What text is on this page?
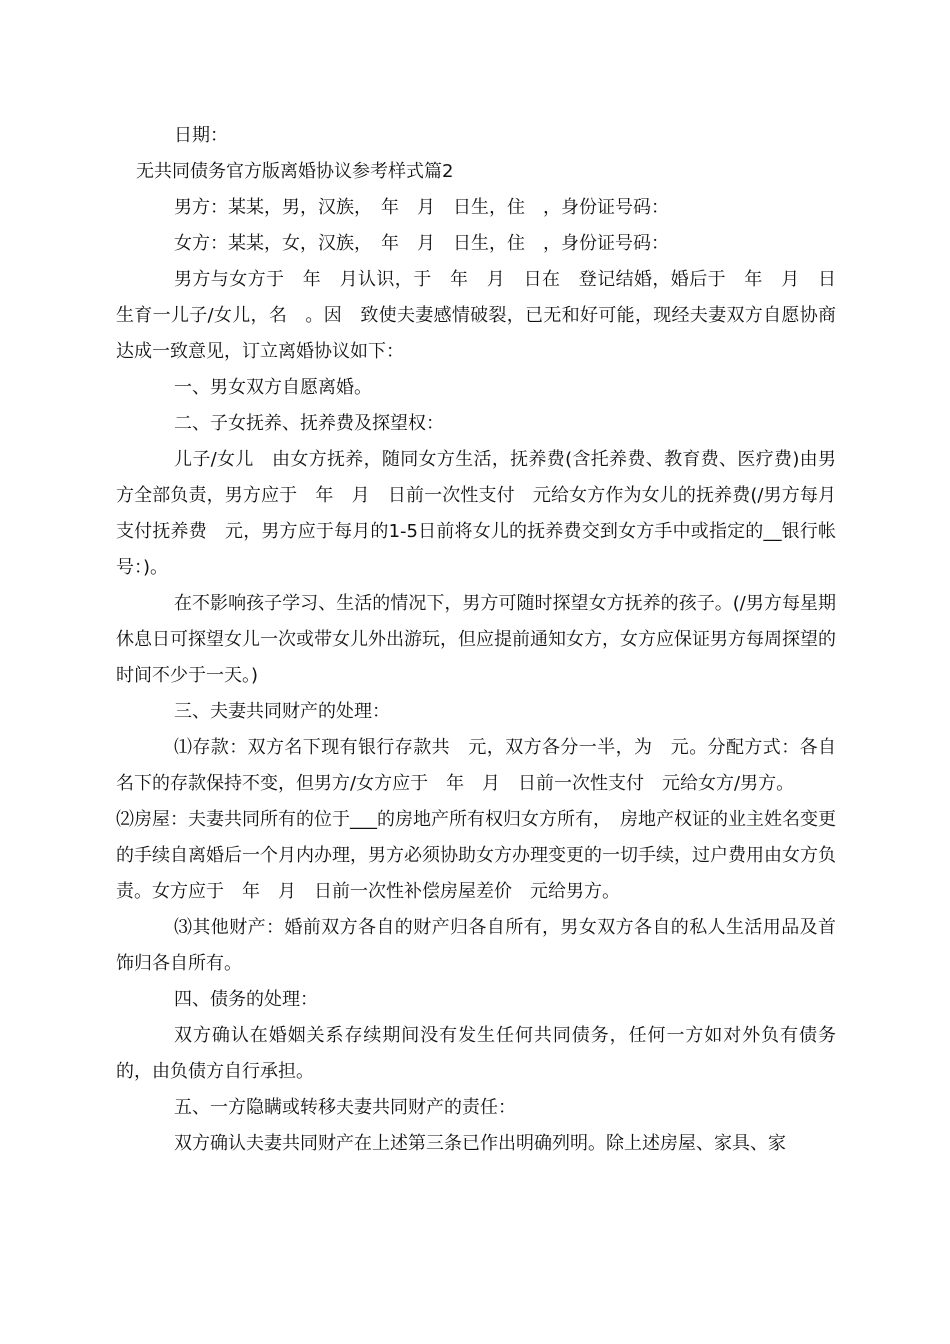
日期：

无共同债务官方版离婚协议参考样式篇2

男方：某某，男，汉族，　年　月　日生，住　，身份证号码：

女方：某某，女，汉族，　年　月　日生，住　，身份证号码：

男方与女方于　年　月认识，于　年　月　日在　登记结婚，婚后于　年　月　日生育一儿子/女儿，名　。因　致使夫妻感情破裂，已无和好可能，现经夫妻双方自愿协商达成一致意见，订立离婚协议如下：

一、男女双方自愿离婚。

二、子女抚养、抚养费及探望权：

儿子/女儿　由女方抚养，随同女方生活，抚养费(含托养费、教育费、医疗费)由男方全部负责，男方应于　年　月　日前一次性支付　元给女方作为女儿的抚养费(/男方每月支付抚养费　元，男方应于每月的1-5日前将女儿的抚养费交到女方手中或指定的__银行帐号：)。

在不影响孩子学习、生活的情况下，男方可随时探望女方抚养的孩子。(/男方每星期休息日可探望女儿一次或带女儿外出游玩，但应提前通知女方，女方应保证男方每周探望的时间不少于一天。)

三、夫妻共同财产的处理：

⑴存款：双方名下现有银行存款共　元，双方各分一半，为　元。分配方式：各自名下的存款保持不变，但男方/女方应于　年　月　日前一次性支付　元给女方/男方。

⑵房屋：夫妻共同所有的位于___的房地产所有权归女方所有，　房地产权证的业主姓名变更的手续自离婚后一个月内办理，男方必须协助女方办理变更的一切手续，过户费用由女方负责。女方应于　年　月　日前一次性补偿房屋差价　元给男方。

⑶其他财产：婚前双方各自的财产归各自所有，男女双方各自的私人生活用品及首饰归各自所有。

四、债务的处理：

双方确认在婚姻关系存续期间没有发生任何共同债务，任何一方如对外负有债务的，由负债方自行承担。

五、一方隐瞒或转移夫妻共同财产的责任：

双方确认夫妻共同财产在上述第三条已作出明确列明。除上述房屋、家具、家
